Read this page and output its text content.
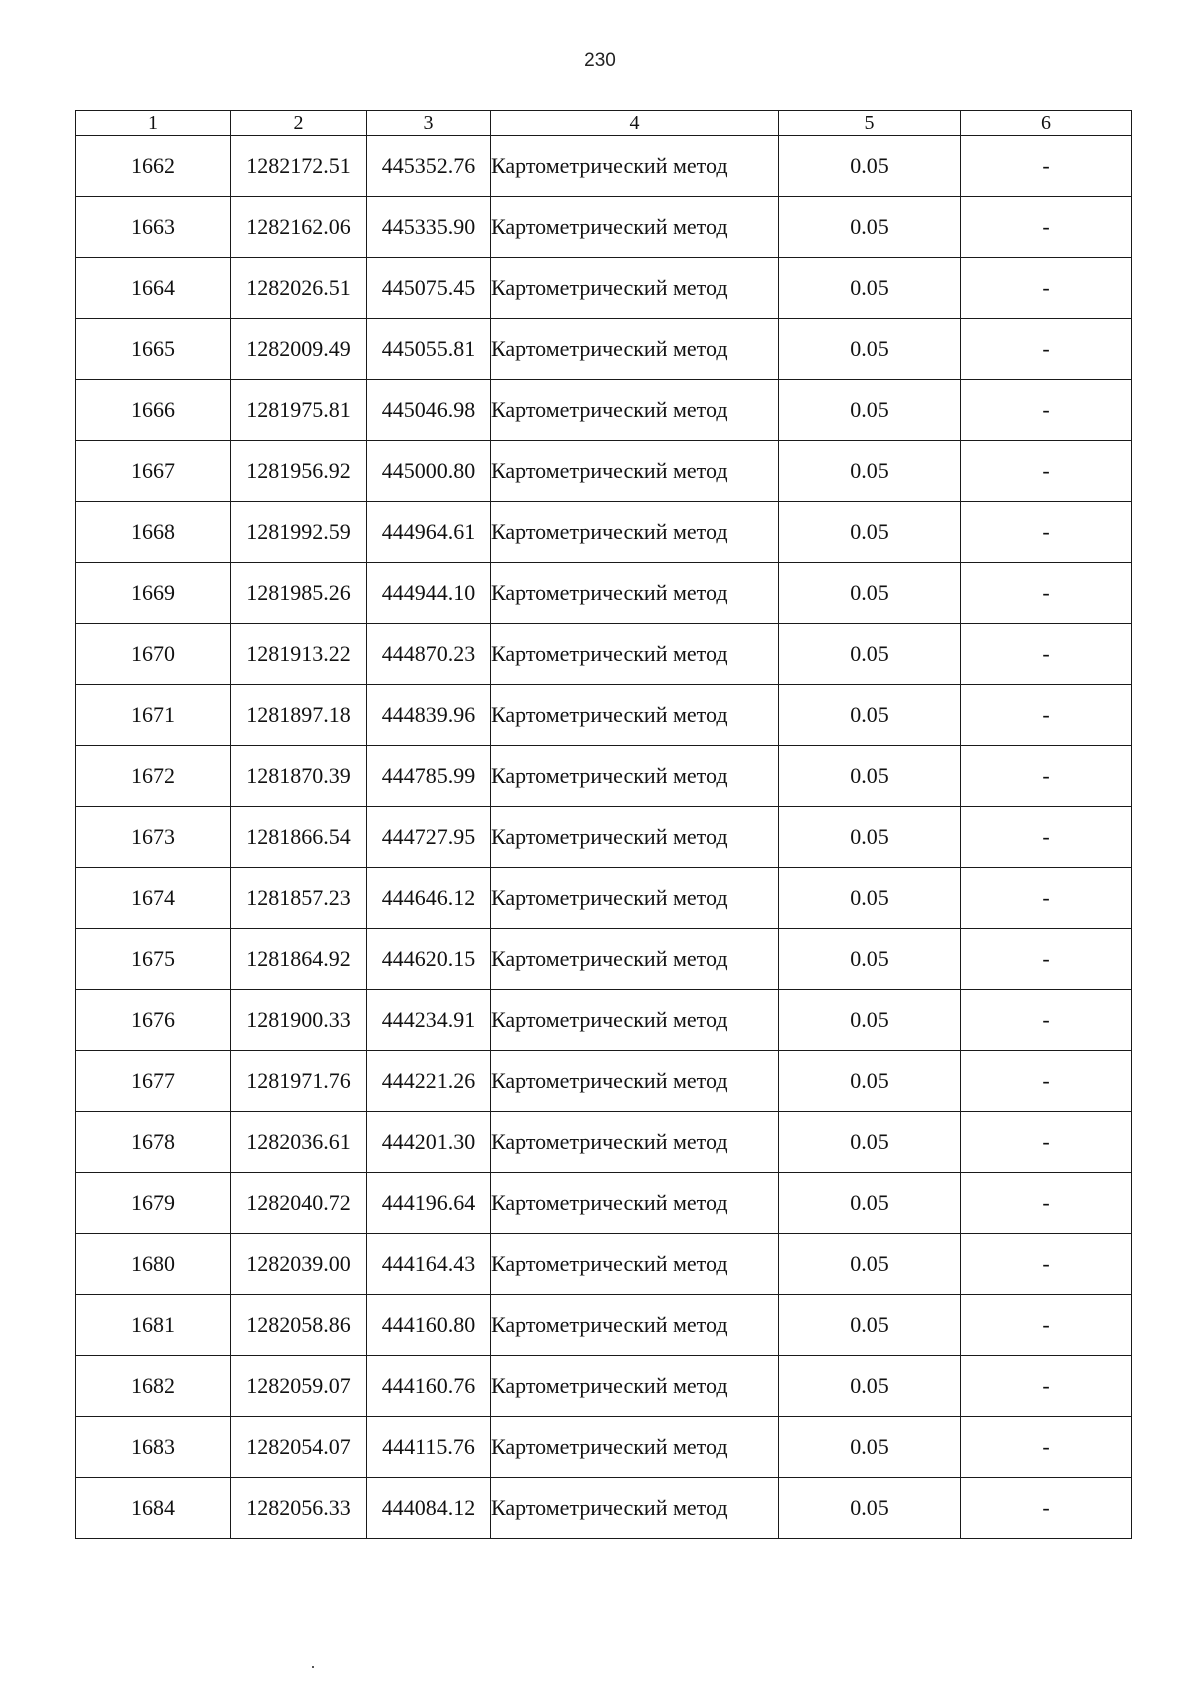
230
1	2	3	4	5	6
1662	1282172.51	445352.76	Картометрический метод	0.05	-
1663	1282162.06	445335.90	Картометрический метод	0.05	-
1664	1282026.51	445075.45	Картометрический метод	0.05	-
1665	1282009.49	445055.81	Картометрический метод	0.05	-
1666	1281975.81	445046.98	Картометрический метод	0.05	-
1667	1281956.92	445000.80	Картометрический метод	0.05	-
1668	1281992.59	444964.61	Картометрический метод	0.05	-
1669	1281985.26	444944.10	Картометрический метод	0.05	-
1670	1281913.22	444870.23	Картометрический метод	0.05	-
1671	1281897.18	444839.96	Картометрический метод	0.05	-
1672	1281870.39	444785.99	Картометрический метод	0.05	-
1673	1281866.54	444727.95	Картометрический метод	0.05	-
1674	1281857.23	444646.12	Картометрический метод	0.05	-
1675	1281864.92	444620.15	Картометрический метод	0.05	-
1676	1281900.33	444234.91	Картометрический метод	0.05	-
1677	1281971.76	444221.26	Картометрический метод	0.05	-
1678	1282036.61	444201.30	Картометрический метод	0.05	-
1679	1282040.72	444196.64	Картометрический метод	0.05	-
1680	1282039.00	444164.43	Картометрический метод	0.05	-
1681	1282058.86	444160.80	Картометрический метод	0.05	-
1682	1282059.07	444160.76	Картометрический метод	0.05	-
1683	1282054.07	444115.76	Картометрический метод	0.05	-
1684	1282056.33	444084.12	Картометрический метод	0.05	-
